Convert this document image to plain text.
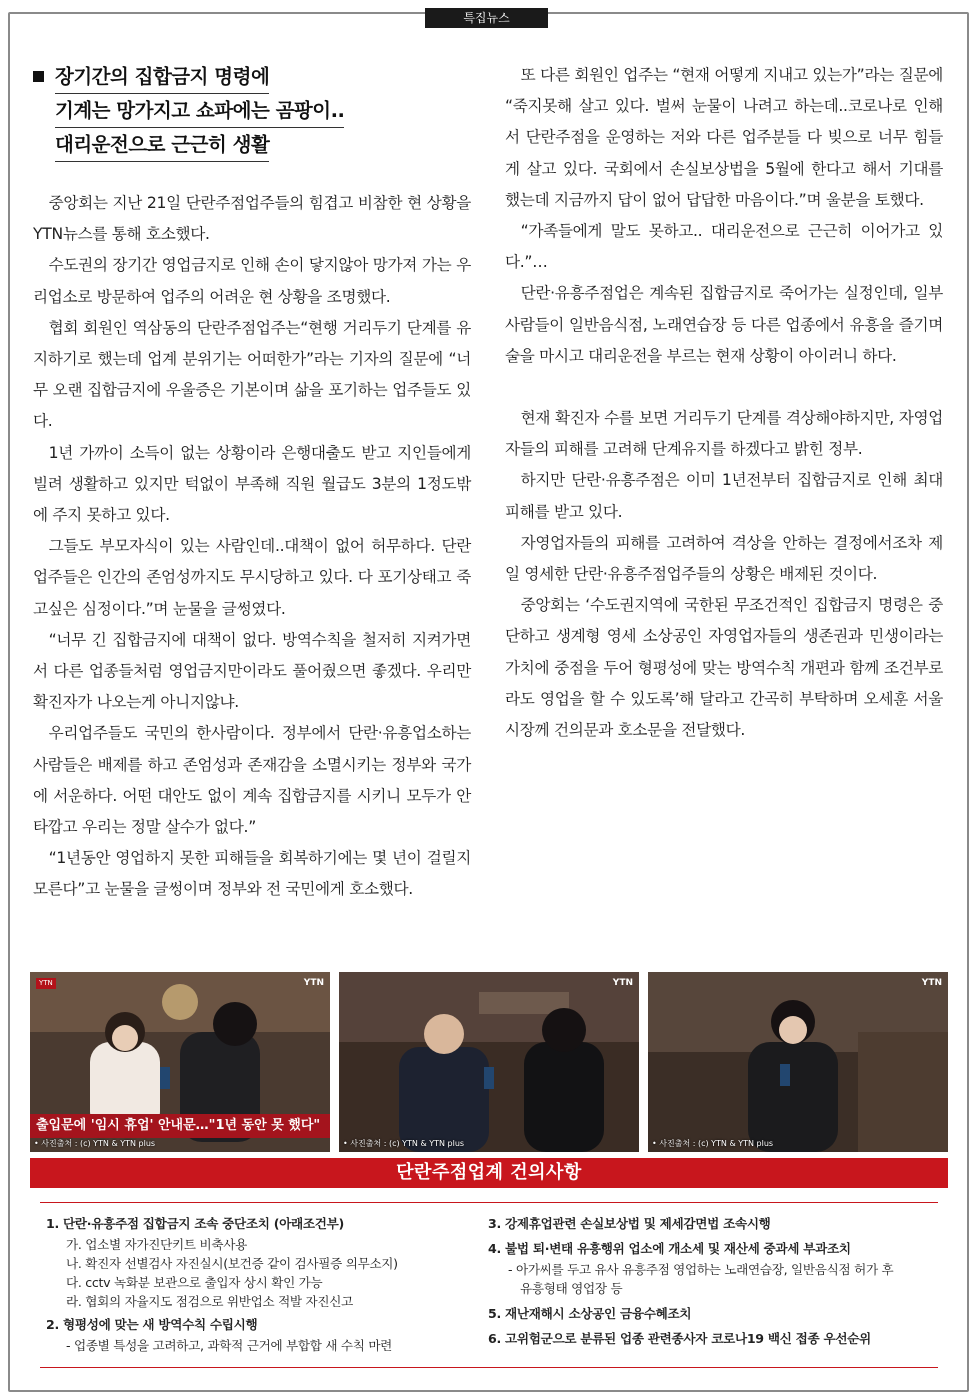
특집뉴스
장기간의 집합금지 명령에
기계는 망가지고 쇼파에는 곰팡이..
대리운전으로 근근히 생활

중앙회는 지난 21일 단란주점업주들의 힘겹고 비참한 현 상황을 YTN뉴스를 통해 호소했다.

수도권의 장기간 영업금지로 인해 손이 닿지않아 망가져 가는 우리업소로 방문하여 업주의 어려운 현 상황을 조명했다.

협회 회원인 역삼동의 단란주점업주는“현행 거리두기 단계를 유지하기로 했는데 업계 분위기는 어떠한가”라는 기자의 질문에 “너무 오랜 집합금지에 우울증은 기본이며 삶을 포기하는 업주들도 있다.

1년 가까이 소득이 없는 상황이라 은행대출도 받고 지인들에게 빌려 생활하고 있지만 턱없이 부족해 직원 월급도 3분의 1정도밖에 주지 못하고 있다.

그들도 부모자식이 있는 사람인데..대책이 없어 허무하다. 단란업주들은 인간의 존엄성까지도 무시당하고 있다. 다 포기상태고 죽고싶은 심정이다.”며 눈물을 글썽였다.

“너무 긴 집합금지에 대책이 없다. 방역수칙을 철저히 지켜가면서 다른 업종들처럼 영업금지만이라도 풀어줬으면 좋겠다. 우리만 확진자가 나오는게 아니지않냐.

우리업주들도 국민의 한사람이다. 정부에서 단란·유흥업소하는 사람들은 배제를 하고 존엄성과 존재감을 소멸시키는 정부와 국가에 서운하다. 어떤 대안도 없이 계속 집합금지를 시키니 모두가 안타깝고 우리는 정말 살수가 없다.”

“1년동안 영업하지 못한 피해들을 회복하기에는 몇 년이 걸릴지 모른다”고 눈물을 글썽이며 정부와 전 국민에게 호소했다.

또 다른 회원인 업주는 “현재 어떻게 지내고 있는가”라는 질문에 “죽지못해 살고 있다. 벌써 눈물이 나려고 하는데..코로나로 인해서 단란주점을 운영하는 저와 다른 업주분들 다 빚으로 너무 힘들게 살고 있다. 국회에서 손실보상법을 5월에 한다고 해서 기대를 했는데 지금까지 답이 없어 답답한 마음이다.”며 울분을 토했다.

“가족들에게 말도 못하고.. 대리운전으로 근근히 이어가고 있다.”…

단란·유흥주점업은 계속된 집합금지로 죽어가는 실정인데, 일부 사람들이 일반음식점, 노래연습장 등 다른 업종에서 유흥을 즐기며 술을 마시고 대리운전을 부르는 현재 상황이 아이러니 하다.

현재 확진자 수를 보면 거리두기 단계를 격상해야하지만, 자영업자들의 피해를 고려해 단계유지를 하겠다고 밝힌 정부.

하지만 단란·유흥주점은 이미 1년전부터 집합금지로 인해 최대 피해를 받고 있다.

자영업자들의 피해를 고려하여 격상을 안하는 결정에서조차 제일 영세한 단란·유흥주점업주들의 상황은 배제된 것이다.

중앙회는 ‘수도권지역에 국한된 무조건적인 집합금지 명령은 중단하고 생계형 영세 소상공인 자영업자들의 생존권과 민생이라는 가치에 중점을 두어 형평성에 맞는 방역수칙 개편과 함께 조건부로라도 영업을 할 수 있도록’해 달라고 간곡히 부탁하며 오세훈 서울시장께 건의문과 호소문을 전달했다.

YTN	YTN
출입문에 '임시 휴업' 안내문…"1년 동안 못 했다"
• 사진출처 : (c) YTN & YTN plus
YTN
• 사진출처 : (c) YTN & YTN plus
YTN
• 사진출처 : (c) YTN & YTN plus
단란주점업계 건의사항
1. 단란·유흥주점 집합금지 조속 중단조치 (아래조건부)
가. 업소별 자가진단키트 비축사용
나. 확진자 선별검사 자진실시(보건증 같이 검사필증 의무소지)
다. cctv 녹화분 보관으로 출입자 상시 확인 가능
라. 협회의 자율지도 점검으로 위반업소 적발 자진신고
2. 형평성에 맞는 새 방역수칙 수립시행
- 업종별 특성을 고려하고, 과학적 근거에 부합합 새 수칙 마련
3. 강제휴업관련 손실보상법 및 제세감면법 조속시행
4. 불법 퇴·변태 유흥행위 업소에 개소세 및 재산세 중과세 부과조치
- 아가씨를 두고 유사 유흥주점 영업하는 노래연습장, 일반음식점 허가 후
유흥형태 영업장 등
5. 재난재해시 소상공인 금융수혜조치
6. 고위험군으로 분류된 업종 관련종사자 코로나19 백신 접종 우선순위
